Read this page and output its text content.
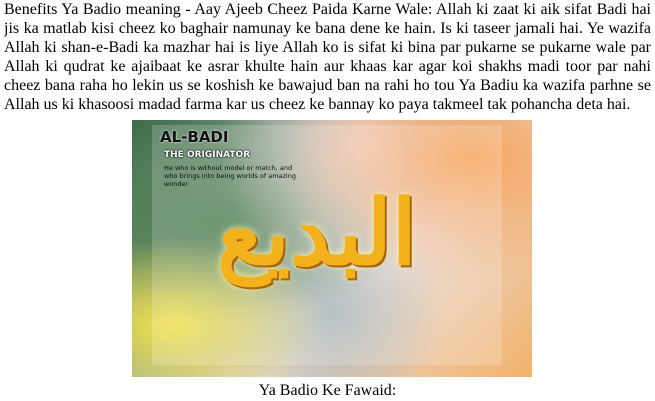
Benefits Ya Badio meaning - Aay Ajeeb Cheez Paida Karne Wale: Allah ki zaat ki aik sifat Badi hai
jis ka matlab kisi cheez ko baghair namunay ke bana dene ke hain. Is ki taseer jamali hai. Ye wazifa
Allah ki shan-e-Badi ka mazhar hai is liye Allah ko is sifat ki bina par pukarne se pukarne wale par
Allah ki qudrat ke ajaibaat ke asrar khulte hain aur khaas kar agar koi shakhs madi toor par nahi
cheez bana raha ho lekin us se koshish ke bawajud ban na rahi ho tou Ya Badiu ka wazifa parhne se
Allah us ki khasoosi madad farma kar us cheez ke bannay ko paya takmeel tak pohancha deta hai.
AL-BADI
THE ORIGINATOR
He who is without model or match, and who brings into being worlds of amazing wonder البديع
Ya Badio Ke Fawaid:
